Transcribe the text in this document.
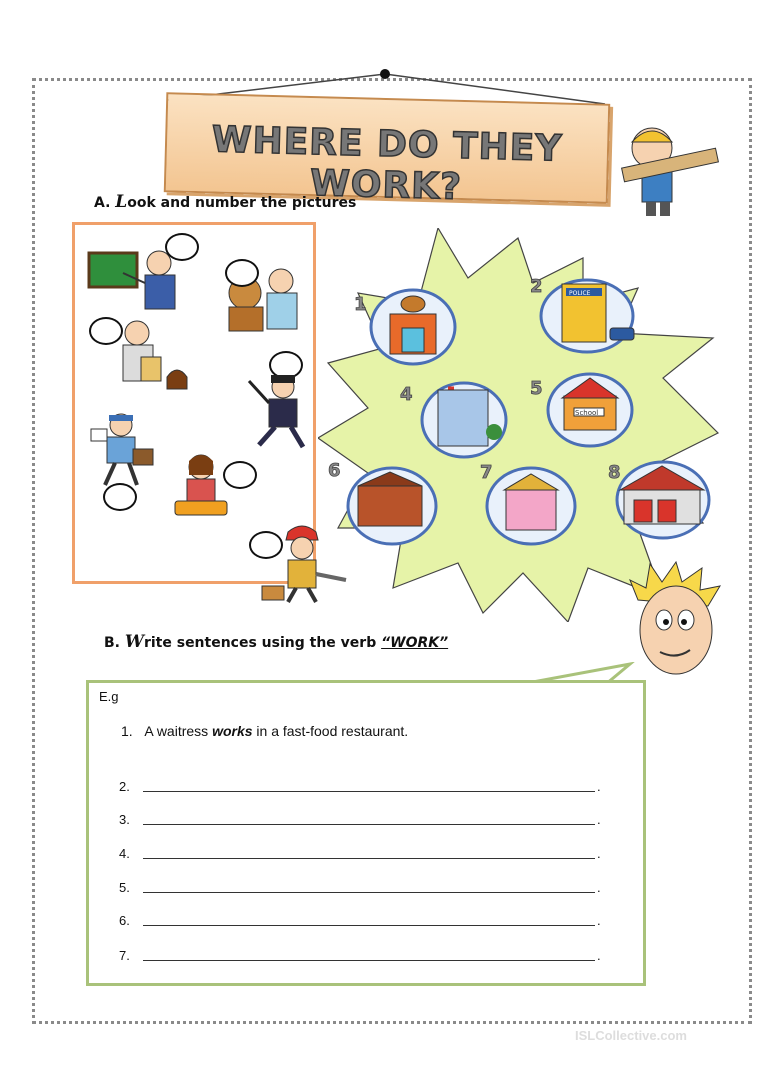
WHERE DO THEY WORK?
A. Look and number the pictures
1
2
4	5
6	7	8
POLICE
School
B. Write sentences using the verb “WORK”
E.g
1. A waitress works in a fast-food restaurant.
2.	.
3.	.
4.	.
5.	.
6.	.
7.	.
ISLCollective.com
